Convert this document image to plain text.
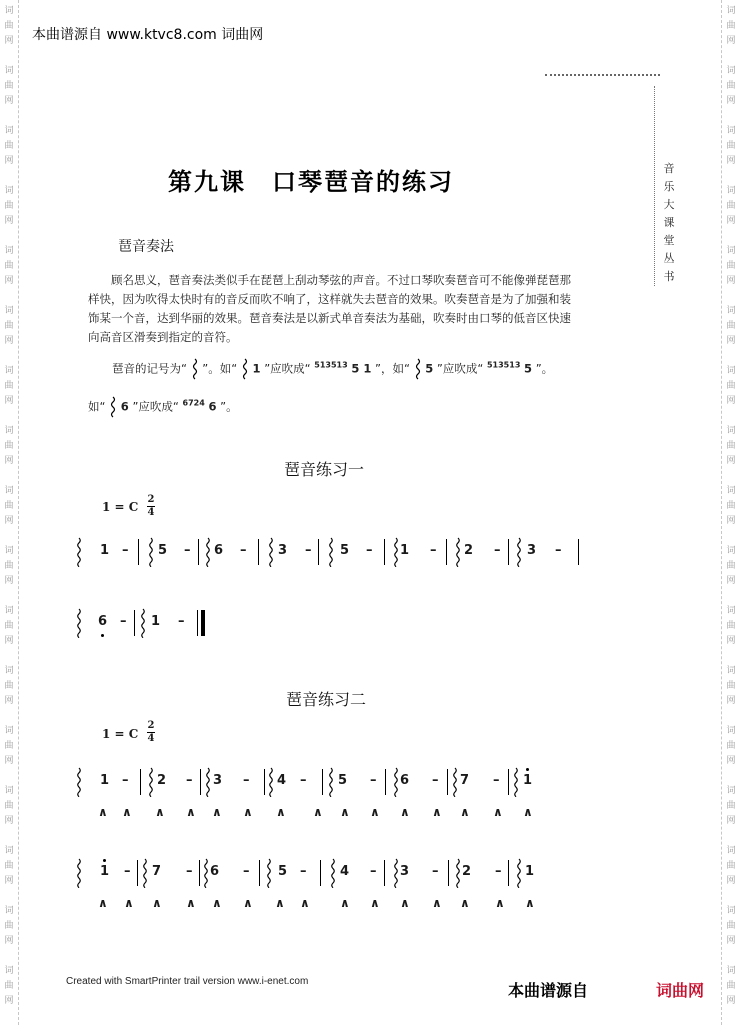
词
曲
网
词
曲
网
词
曲
网
词
曲
网
词
曲
网
词
曲
网
词
曲
网
词
曲
网
词
曲
网
词
曲
网
词
曲
网
词
曲
网
词
曲
网
词
曲
网
词
曲
网
词
曲
网
词
曲
网
词
曲
网
词
曲
网
词
曲
网
词
曲
网
词
曲
网
词
曲
网
词
曲
网
词
曲
网
词
曲
网
词
曲
网
词
曲
网
词
曲
网
词
曲
网
词
曲
网
词
曲
网
词
曲
网
词
曲
网
本曲谱源自 www.ktvc8.com 词曲网
音
乐
大
课
堂
丛
书
第九课　口琴琶音的练习
琶音奏法
顾名思义，琶音奏法类似手在琵琶上刮动琴弦的声音。不过口琴吹奏琶音可不能像弹琵琶那样快，因为吹得太快时有的音反而吹不响了，这样就失去琶音的效果。吹奏琶音是为了加强和装饰某一个音，达到华丽的效果。琶音奏法是以新式单音奏法为基础，吹奏时由口琴的低音区快速向高音区滑奏到指定的音符。
琶音的记号为“ ”。如“ 1 ”应吹成“ $^{513513}$ 5 1 ”，如“ 5 ”应吹成“ $^{513513}$ 5 ”。
如“ 6 ”应吹成“ $^{6724}$ 6 ”。
琶音练习一
1 = C
2
4
1 – 5 – 6 – 3 – 5 – 1 – 2 – 3 –
6 – 1 –
琶音练习二
1 = C
2
4
1 – 2 – 3 – 4 – 5 – 6 – 7 – 1
∧ ∧ ∧ ∧ ∧ ∧ ∧ ∧ ∧ ∧ ∧ ∧ ∧ ∧ ∧
1 – 7 – 6 – 5 –	4 – 3 – 2 – 1
∧ ∧ ∧ ∧ ∧ ∧ ∧ ∧	∧ ∧ ∧ ∧ ∧ ∧ ∧
Created with SmartPrinter trail version www.i-enet.com	本曲谱源自	词曲网
